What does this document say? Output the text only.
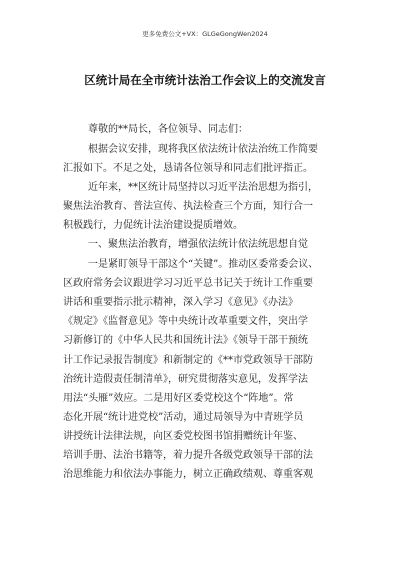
更多免费公文+VX：GLGeGongWen2024
区统计局在全市统计法治工作会议上的交流发言
尊敬的**局长，各位领导、同志们：
根据会议安排，现将我区依法统计依法治统工作简要
汇报如下。不足之处，恳请各位领导和同志们批评指正。
近年来，**区统计局坚持以习近平法治思想为指引，
聚焦法治教育、普法宣传、执法检查三个方面，知行合一
积极践行，力促统计法治建设提质增效。
一、聚焦法治教育，增强依法统计依法统思想自觉
一是紧盯领导干部这个“关键”。推动区委常委会议、
区政府常务会议跟进学习习近平总书记关于统计工作重要
讲话和重要指示批示精神，深入学习《意见》《办法》
《规定》《监督意见》等中央统计改革重要文件，突出学
习新修订的《中华人民共和国统计法》《领导干部干预统
计工作记录报告制度》和新制定的《**市党政领导干部防
治统计造假责任制清单》，研究贯彻落实意见，发挥学法
用法“头雁”效应。二是用好区委党校这个“阵地”。常
态化开展“统计进党校”活动，通过局领导为中青班学员
讲授统计法律法规，向区委党校图书馆捐赠统计年鉴、
培训手册、法治书籍等，着力提升各级党政领导干部的法
治思维能力和依法办事能力，树立正确政绩观、尊重客观
